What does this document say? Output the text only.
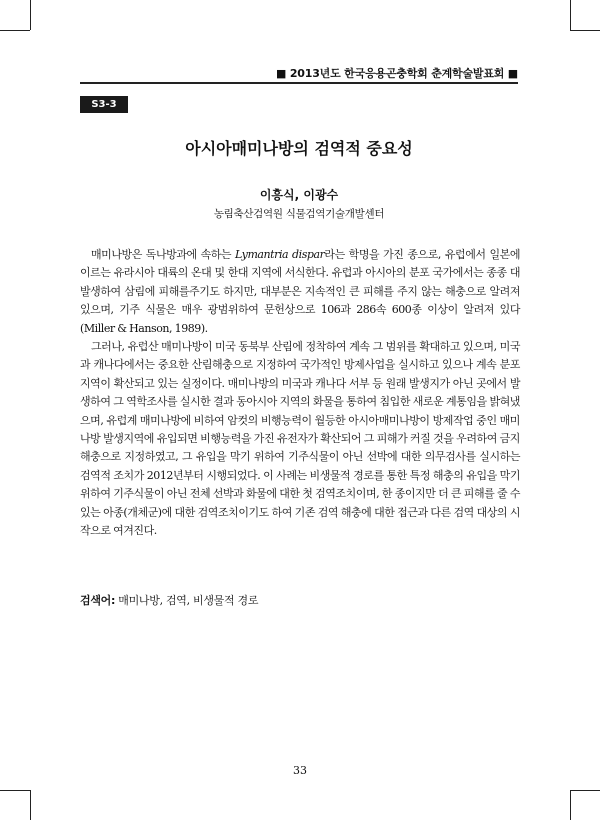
■ 2013년도 한국응용곤충학회 춘계학술발표회 ■
S3-3
아시아매미나방의 검역적 중요성
이흥식, 이광수
농림축산검역원 식물검역기술개발센터

매미나방은 독나방과에 속하는 Lymantria dispar라는 학명을 가진 종으로, 유럽에서 일본에 이르는 유라시아 대륙의 온대 및 한대 지역에 서식한다. 유럽과 아시아의 분포 국가에서는 종종 대발생하여 삼림에 피해를주기도 하지만, 대부분은 지속적인 큰 피해를 주지 않는 해충으로 알려져 있으며, 기주 식물은 매우 광범위하여 문헌상으로 106과 286속 600종 이상이 알려져 있다(Miller & Hanson, 1989).

그러나, 유럽산 매미나방이 미국 동북부 산림에 정착하여 계속 그 범위를 확대하고 있으며, 미국과 캐나다에서는 중요한 산림해충으로 지정하여 국가적인 방제사업을 실시하고 있으나 계속 분포지역이 확산되고 있는 실정이다. 매미나방의 미국과 캐나다 서부 등 원래 발생지가 아닌 곳에서 발생하여 그 역학조사를 실시한 결과 동아시아 지역의 화물을 통하여 침입한 새로운 계통임을 밝혀냈으며, 유럽계 매미나방에 비하여 암컷의 비행능력이 월등한 아시아매미나방이 방제작업 중인 매미나방 발생지역에 유입되면 비행능력을 가진 유전자가 확산되어 그 피해가 커질 것을 우려하여 금지해충으로 지정하였고, 그 유입을 막기 위하여 기주식물이 아닌 선박에 대한 의무검사를 실시하는 검역적 조치가 2012년부터 시행되었다. 이 사례는 비생물적 경로를 통한 특정 해충의 유입을 막기 위하여 기주식물이 아닌 전체 선박과 화물에 대한 첫 검역조치이며, 한 종이지만 더 큰 피해를 줄 수 있는 아종(개체군)에 대한 검역조치이기도 하여 기존 검역 해충에 대한 접근과 다른 검역 대상의 시작으로 여겨진다.

검색어: 매미나방, 검역, 비생물적 경로
33
